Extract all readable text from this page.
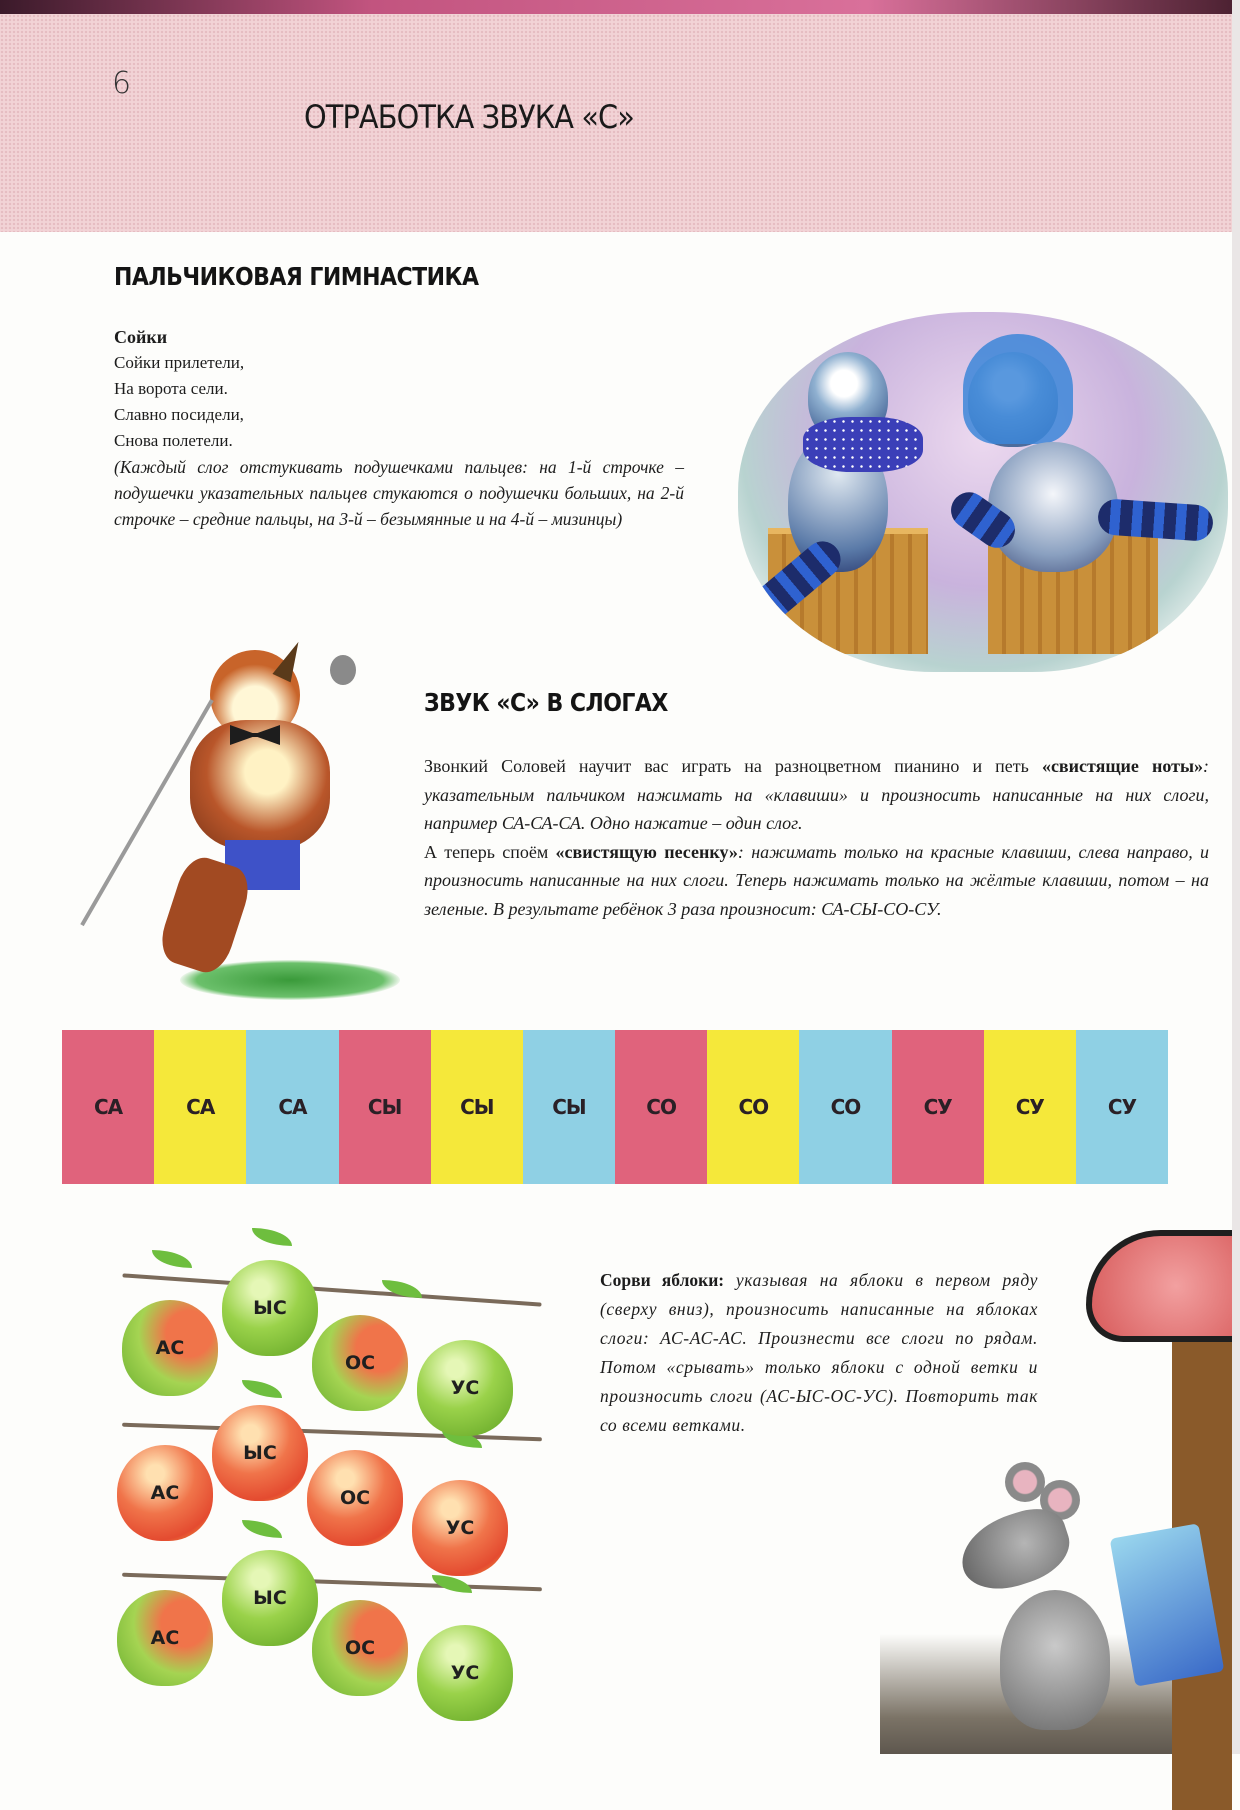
6
ОТРАБОТКА ЗВУКА «С»
ПАЛЬЧИКОВАЯ ГИМНАСТИКА
Сойки
Сойки прилетели,
На ворота сели.
Славно посидели,
Снова полетели.
(Каждый слог отстукивать подушечками пальцев: на 1-й строчке – подушечки указательных пальцев стукаются о подушечки больших, на 2-й строчке – средние пальцы, на 3-й – безымянные и на 4-й – мизинцы)
ЗВУК «С» В СЛОГАХ
Звонкий Соловей научит вас играть на разноцветном пианино и петь «свистящие ноты»: указательным пальчиком нажимать на «клавиши» и произносить написанные на них слоги, например СА-СА-СА. Одно нажатие – один слог.
А теперь споём «свистящую песенку»: нажимать только на красные клавиши, слева направо, и произносить написанные на них слоги. Теперь нажимать только на жёлтые клавиши, потом – на зеленые. В результате ребёнок 3 раза произносит: СА-СЫ-СО-СУ.
СА	СА	СА	СЫ	СЫ	СЫ	СО	СО	СО	СУ	СУ	СУ
АС
ЫС
ОС
УС
АС
ЫС
ОС
УС
АС
ЫС
ОС
УС
Сорви яблоки: указывая на яблоки в первом ряду (сверху вниз), произносить написанные на яблоках слоги: АС-АС-АС. Произнести все слоги по рядам. Потом «срывать» только яблоки с одной ветки и произносить слоги (АС-ЫС-ОС-УС). Повторить так со всеми ветками.
